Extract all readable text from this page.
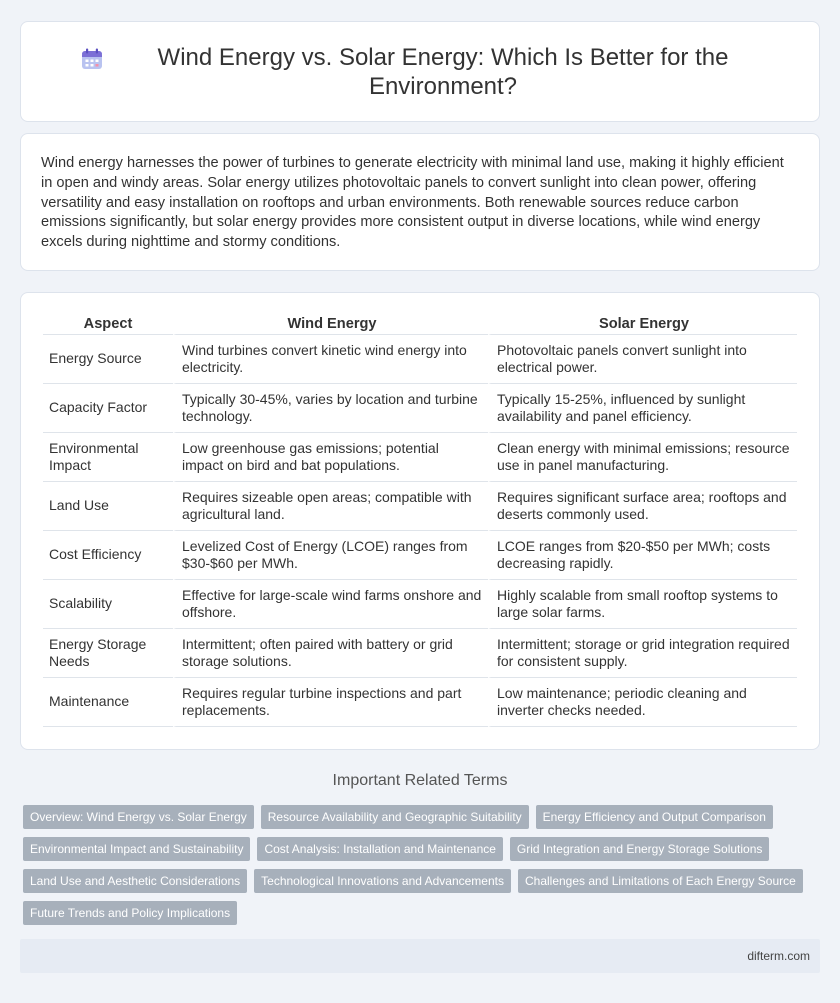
Wind Energy vs. Solar Energy: Which Is Better for the Environment?

Wind energy harnesses the power of turbines to generate electricity with minimal land use, making it highly efficient in open and windy areas. Solar energy utilizes photovoltaic panels to convert sunlight into clean power, offering versatility and easy installation on rooftops and urban environments. Both renewable sources reduce carbon emissions significantly, but solar energy provides more consistent output in diverse locations, while wind energy excels during nighttime and stormy conditions.

Aspect	Wind Energy	Solar Energy
Energy Source	Wind turbines convert kinetic wind energy into electricity.	Photovoltaic panels convert sunlight into electrical power.
Capacity Factor	Typically 30-45%, varies by location and turbine technology.	Typically 15-25%, influenced by sunlight availability and panel efficiency.
Environmental Impact	Low greenhouse gas emissions; potential impact on bird and bat populations.	Clean energy with minimal emissions; resource use in panel manufacturing.
Land Use	Requires sizeable open areas; compatible with agricultural land.	Requires significant surface area; rooftops and deserts commonly used.
Cost Efficiency	Levelized Cost of Energy (LCOE) ranges from $30-$60 per MWh.	LCOE ranges from $20-$50 per MWh; costs decreasing rapidly.
Scalability	Effective for large-scale wind farms onshore and offshore.	Highly scalable from small rooftop systems to large solar farms.
Energy Storage Needs	Intermittent; often paired with battery or grid storage solutions.	Intermittent; storage or grid integration required for consistent supply.
Maintenance	Requires regular turbine inspections and part replacements.	Low maintenance; periodic cleaning and inverter checks needed.
Important Related Terms
Overview: Wind Energy vs. Solar Energy	Resource Availability and Geographic Suitability	Energy Efficiency and Output Comparison
Environmental Impact and Sustainability	Cost Analysis: Installation and Maintenance	Grid Integration and Energy Storage Solutions
Land Use and Aesthetic Considerations	Technological Innovations and Advancements	Challenges and Limitations of Each Energy Source
Future Trends and Policy Implications
difterm.com
